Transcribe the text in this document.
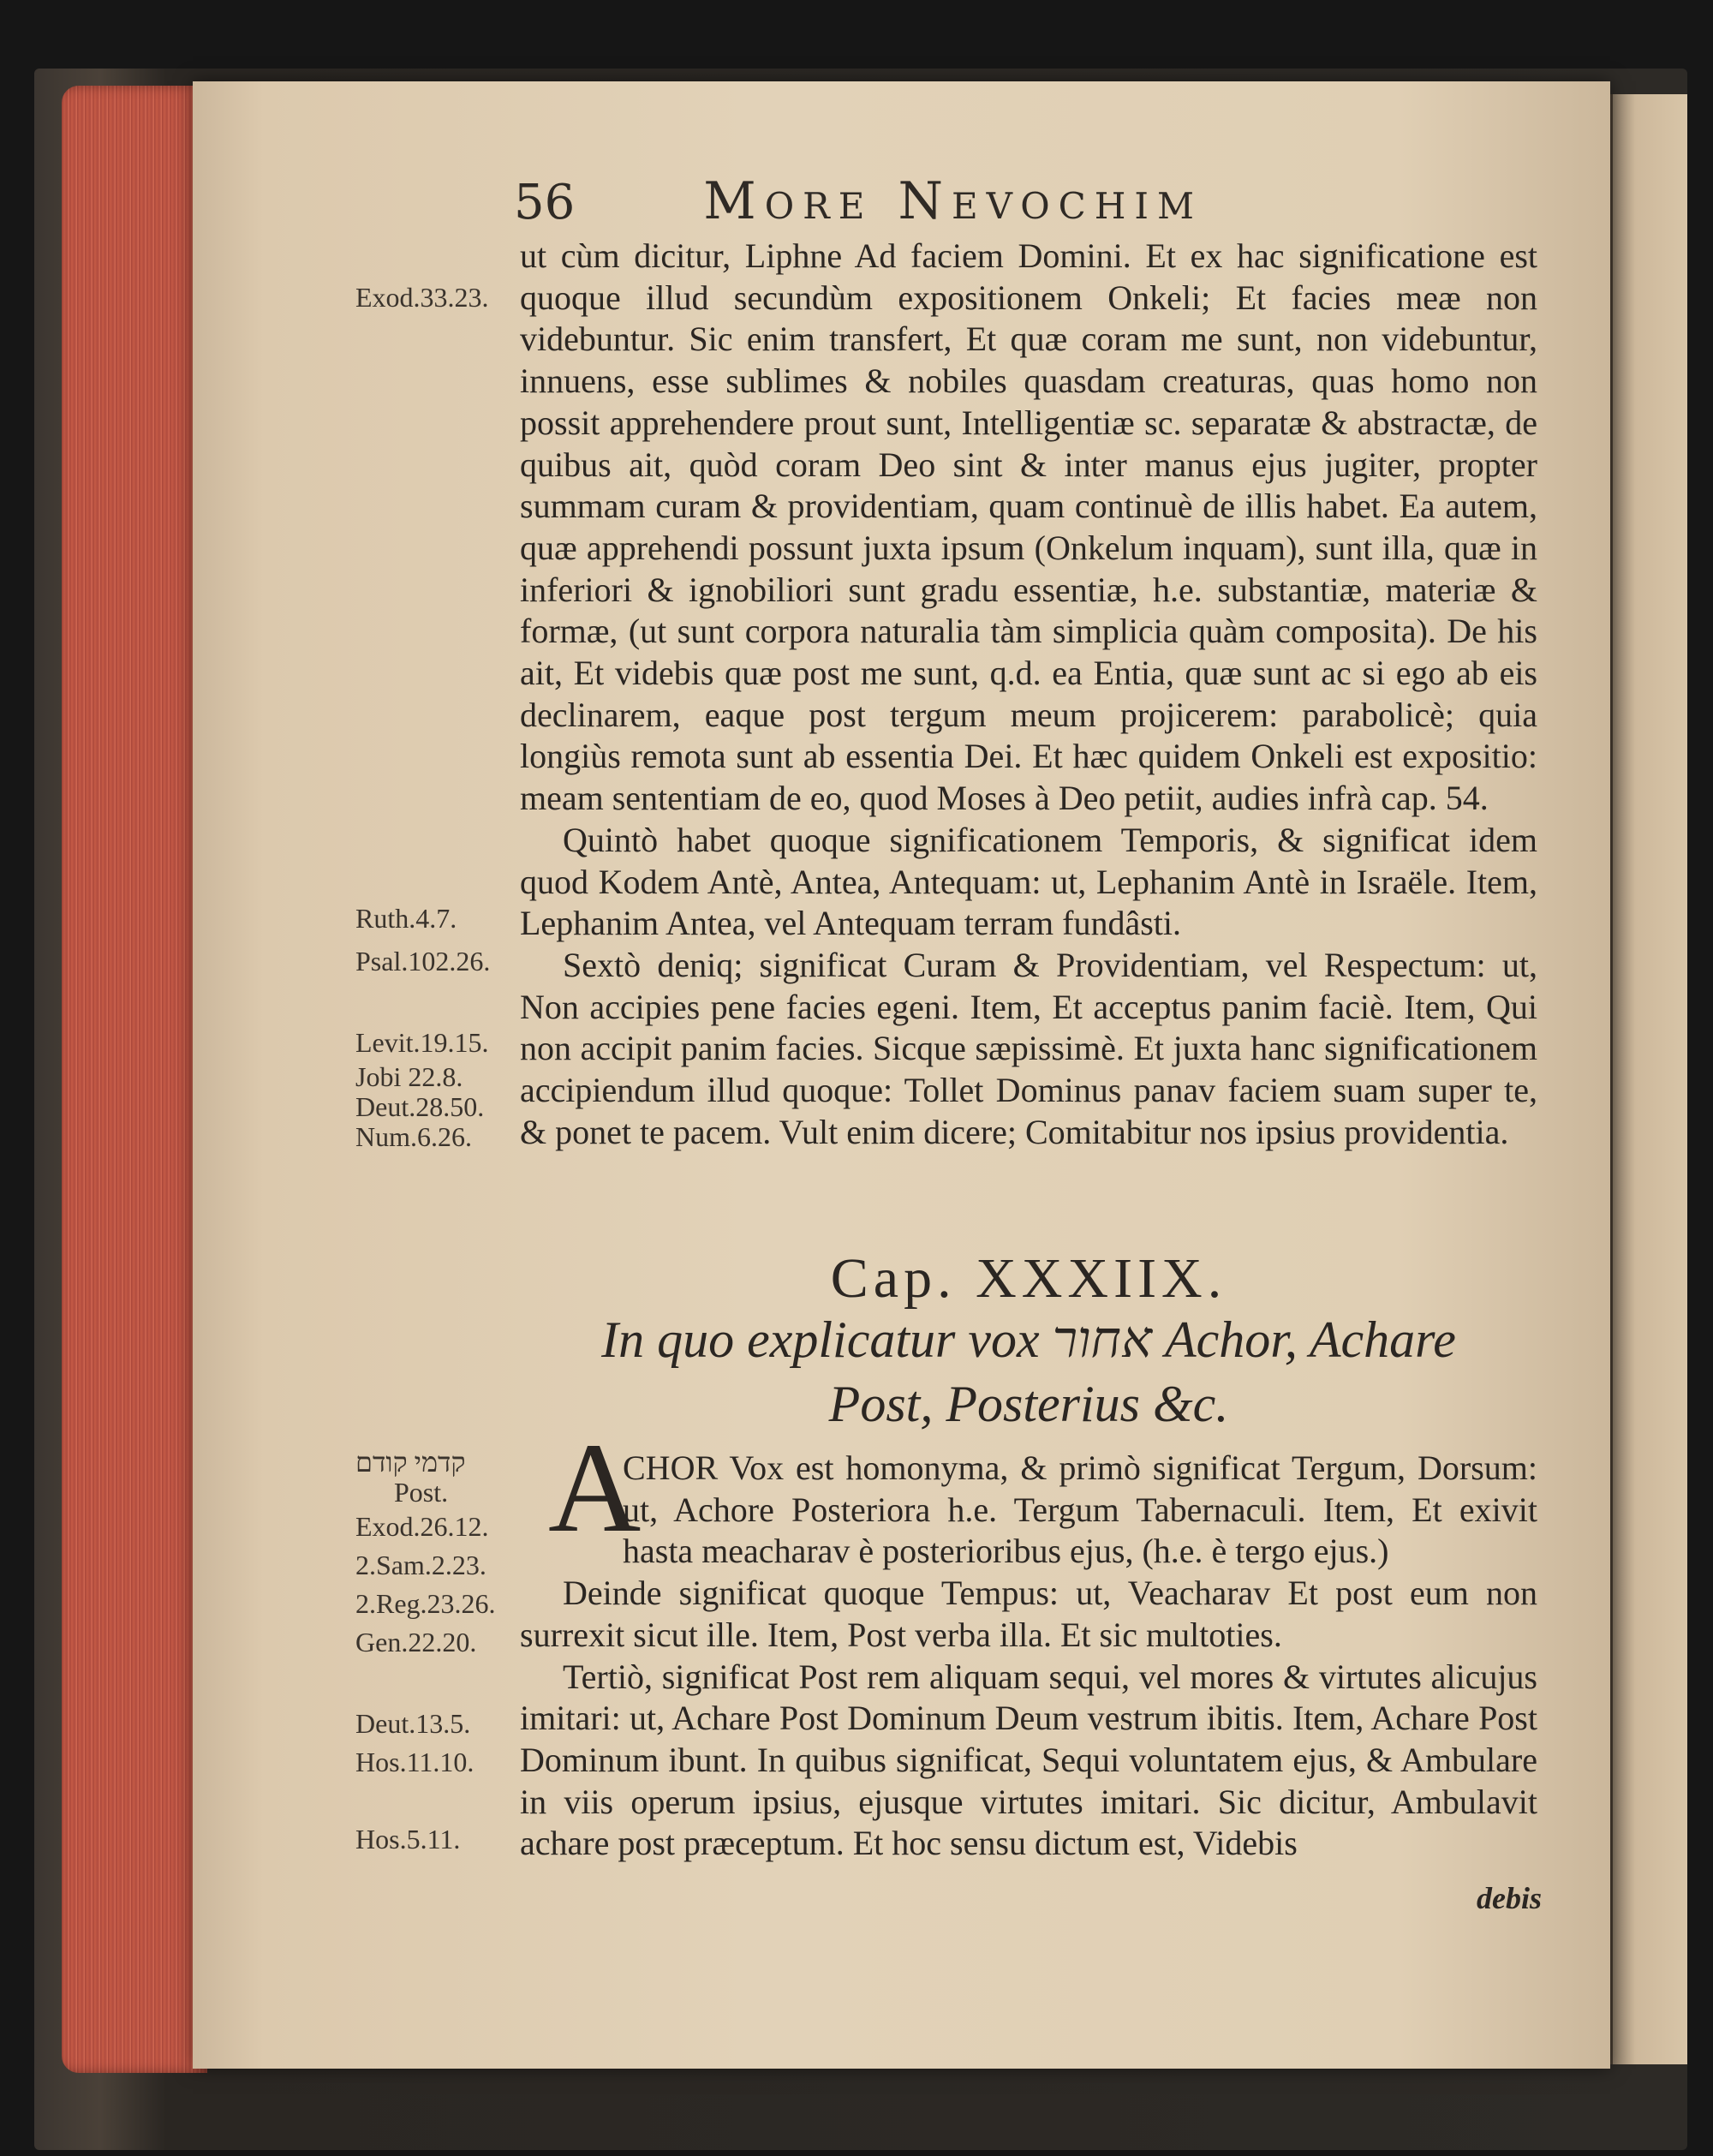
56	More Nevochim

ut cùm dicitur, Liphne Ad faciem Domini. Et ex hac significatione est quoque illud secundùm expositionem Onkeli; Et facies meæ non videbuntur. Sic enim transfert, Et quæ coram me sunt, non videbuntur, innuens, esse sublimes & nobiles quasdam creaturas, quas homo non possit apprehendere prout sunt, Intelligentiæ sc. separatæ & abstractæ, de quibus ait, quòd coram Deo sint & inter manus ejus jugiter, propter summam curam & providentiam, quam continuè de illis habet. Ea autem, quæ apprehendi possunt juxta ipsum (Onkelum inquam), sunt illa, quæ in inferiori & ignobiliori sunt gradu essentiæ, h.e. substantiæ, materiæ & formæ, (ut sunt corpora naturalia tàm simplicia quàm composita). De his ait, Et videbis quæ post me sunt, q.d. ea Entia, quæ sunt ac si ego ab eis declinarem, eaque post tergum meum projicerem: parabolicè; quia longiùs remota sunt ab essentia Dei. Et hæc quidem Onkeli est expositio: meam sententiam de eo, quod Moses à Deo petiit, audies infrà cap. 54.

Quintò habet quoque significationem Temporis, & significat idem quod Kodem Antè, Antea, Antequam: ut, Lephanim Antè in Israële. Item, Lephanim Antea, vel Antequam terram fundâsti.

Sextò deniq; significat Curam & Providentiam, vel Respectum: ut, Non accipies pene facies egeni. Item, Et acceptus panim faciè. Item, Qui non accipit panim facies. Sicque sæpissimè. Et juxta hanc significationem accipiendum illud quoque: Tollet Dominus panav faciem suam super te, & ponet te pacem. Vult enim dicere; Comitabitur nos ipsius providentia.

Cap. XXXIIX.
In quo explicatur vox אחור Achor, Achare
Post, Posterius &c.
A

CHOR Vox est homonyma, & primò significat Tergum, Dorsum: ut, Achore Posteriora h.e. Tergum Tabernaculi. Item, Et exivit hasta meacharav è posterioribus ejus, (h.e. è tergo ejus.)

Deinde significat quoque Tempus: ut, Veacharav Et post eum non surrexit sicut ille. Item, Post verba illa. Et sic multoties.

Tertiò, significat Post rem aliquam sequi, vel mores & virtutes alicujus imitari: ut, Achare Post Dominum Deum vestrum ibitis. Item, Achare Post Dominum ibunt. In quibus significat, Sequi voluntatem ejus, & Ambulare in viis operum ipsius, ejusque virtutes imitari. Sic dicitur, Ambulavit achare post præceptum. Et hoc sensu dictum est, Videbis

debis
Exod.33.23.
Ruth.4.7.
Psal.102.26.
Levit.19.15.
Jobi 22.8.
Deut.28.50.
Num.6.26.
קדמי קודם
Post.
Exod.26.12.
2.Sam.2.23.
2.Reg.23.26.
Gen.22.20.
Deut.13.5.
Hos.11.10.
Hos.5.11.
